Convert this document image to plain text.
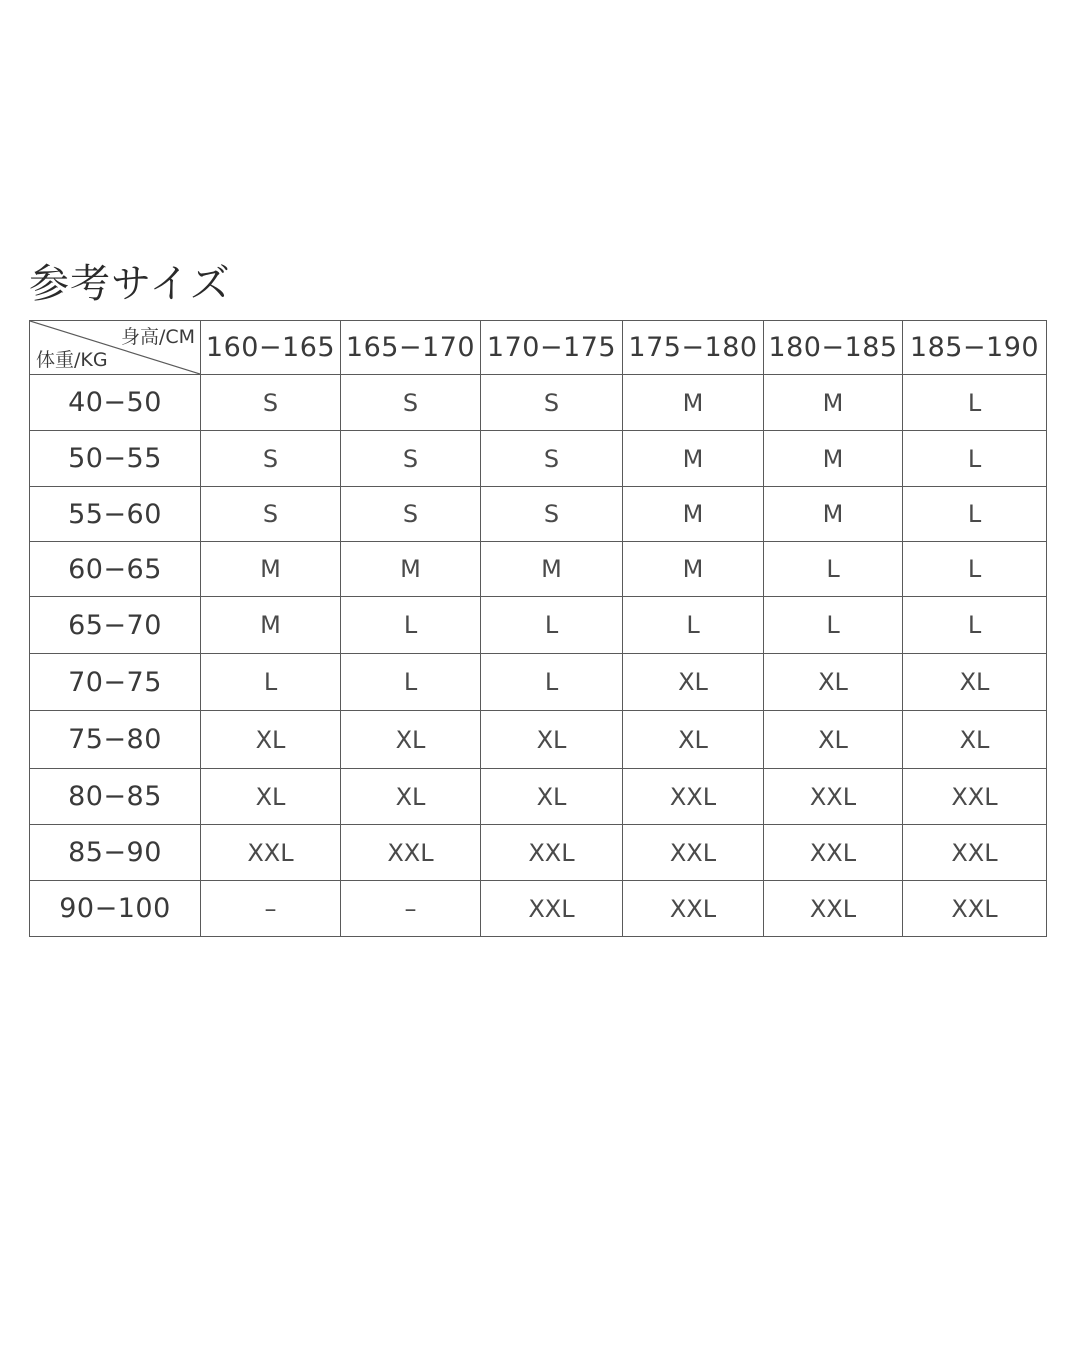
参考サイズ
身高/CM
体重/KG	160−165	165−170	170−175	175−180	180−185	185−190
40−50	S	S	S	M	M	L
50−55	S	S	S	M	M	L
55−60	S	S	S	M	M	L
60−65	M	M	M	M	L	L
65−70	M	L	L	L	L	L
70−75	L	L	L	XL	XL	XL
75−80	XL	XL	XL	XL	XL	XL
80−85	XL	XL	XL	XXL	XXL	XXL
85−90	XXL	XXL	XXL	XXL	XXL	XXL
90−100	–	–	XXL	XXL	XXL	XXL
